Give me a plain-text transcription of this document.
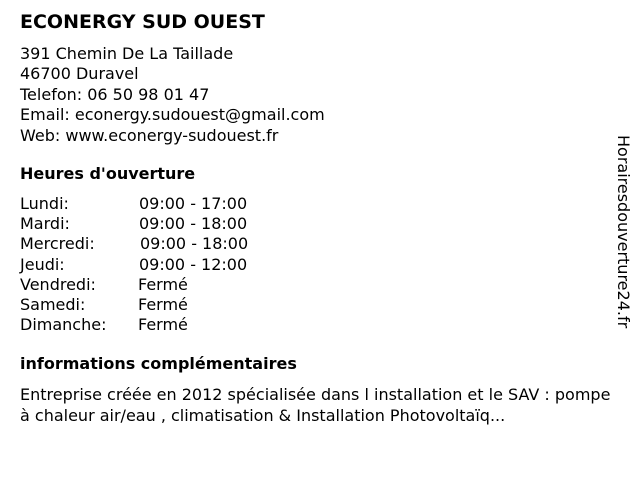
ECONERGY SUD OUEST
391 Chemin De La Taillade
46700 Duravel
Telefon: 06 50 98 01 47
Email: econergy.sudouest@gmail.com
Web: www.econergy-sudouest.fr
Heures d'ouverture
Lundi:	09:00 - 17:00
Mardi:	09:00 - 18:00
Mercredi:	09:00 - 18:00
Jeudi:	09:00 - 12:00
Vendredi:	Fermé
Samedi:	Fermé
Dimanche: Fermé
informations complémentaires
Entreprise créée en 2012 spécialisée dans l installation et le SAV : pompe à chaleur air/eau , climatisation & Installation Photovoltaïq...
Horairesdouverture24.fr
